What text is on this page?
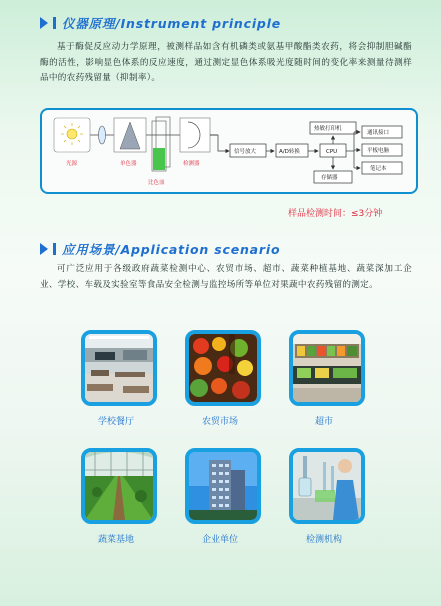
仪器原理/Instrument principle

基于酶促反应动力学原理，被测样品如含有机磷类或氨基甲酸酯类农药，将会抑制胆碱酯酶的活性，影响显色体系的反应速度，通过测定显色体系吸光度随时间的变化率来测量待测样品中的农药残留量（抑制率）。

光源	单色器
比色皿
检测器
信号放大	A/D转换	CPU
热敏打印机
存储器
通讯接口
平板电脑
笔记本
样品检测时间：≤3分钟
应用场景/Application scenario

可广泛应用于各级政府蔬菜检测中心、农贸市场、超市、蔬菜种植基地、蔬菜深加工企业、学校、车载及实验室等食品安全检测与监控场所等单位对果蔬中农药残留的测定。

学校餐厅	农贸市场	超市
蔬菜基地	企业单位	检测机构
